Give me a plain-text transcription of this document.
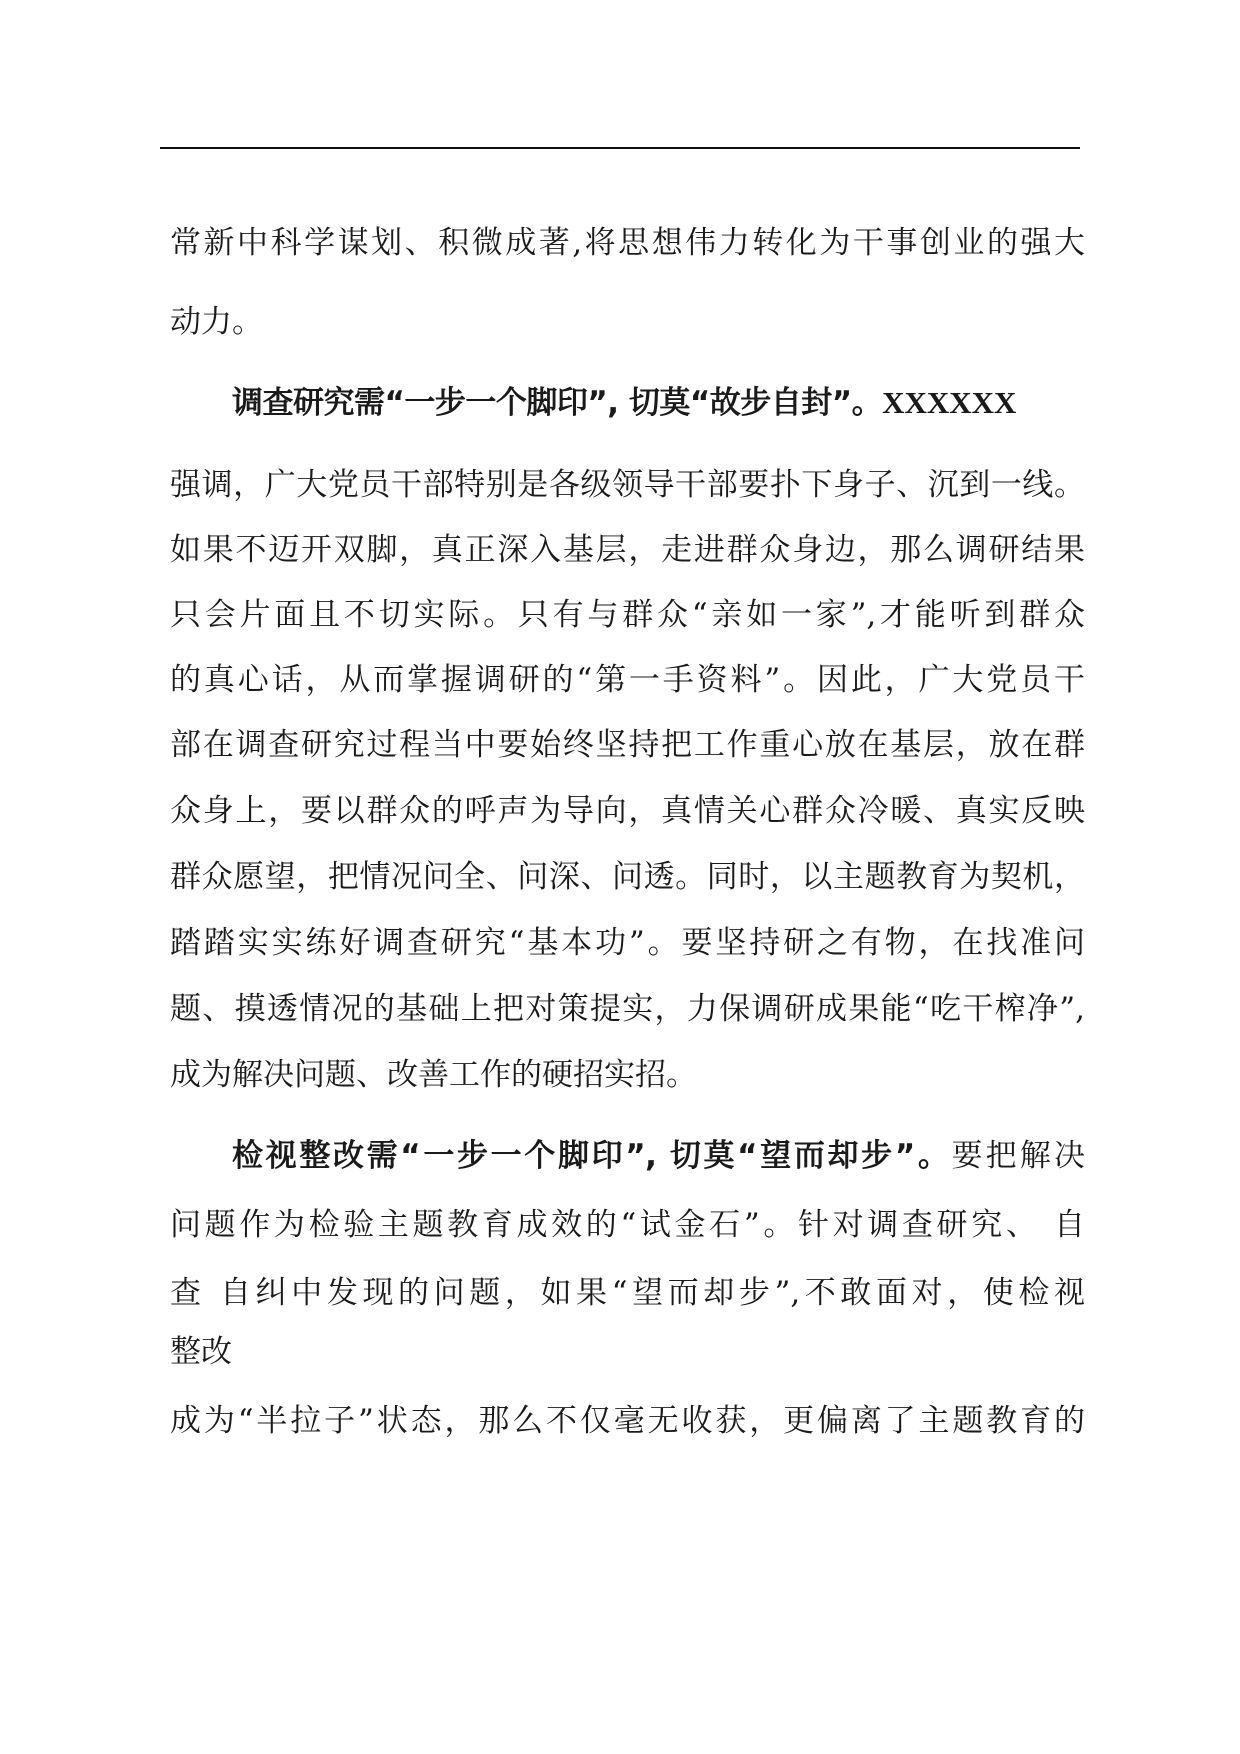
常新中科学谋划、积微成著,将思想伟力转化为干事创业的强大
动力。
调查研究需“一步一个脚印”, 切莫“故步自封”。XXXXXX
强调，广大党员干部特别是各级领导干部要扑下身子、沉到一线。
如果不迈开双脚，真正深入基层，走进群众身边，那么调研结果
只会片面且不切实际。只有与群众“亲如一家”,才能听到群众
的真心话，从而掌握调研的“第一手资料”。因此，广大党员干
部在调查研究过程当中要始终坚持把工作重心放在基层，放在群
众身上，要以群众的呼声为导向，真情关心群众冷暖、真实反映
群众愿望，把情况问全、问深、问透。同时，以主题教育为契机，
踏踏实实练好调查研究“基本功”。要坚持研之有物，在找准问
题、摸透情况的基础上把对策提实，力保调研成果能“吃干榨净”,
成为解决问题、改善工作的硬招实招。
检视整改需“一步一个脚印”, 切莫“望而却步”。要把解决
问题作为检验主题教育成效的“试金石”。针对调查研究、 自
查 自纠中发现的问题，如果“望而却步”,不敢面对，使检视
整改
成为“半拉子”状态，那么不仅毫无收获，更偏离了主题教育的
